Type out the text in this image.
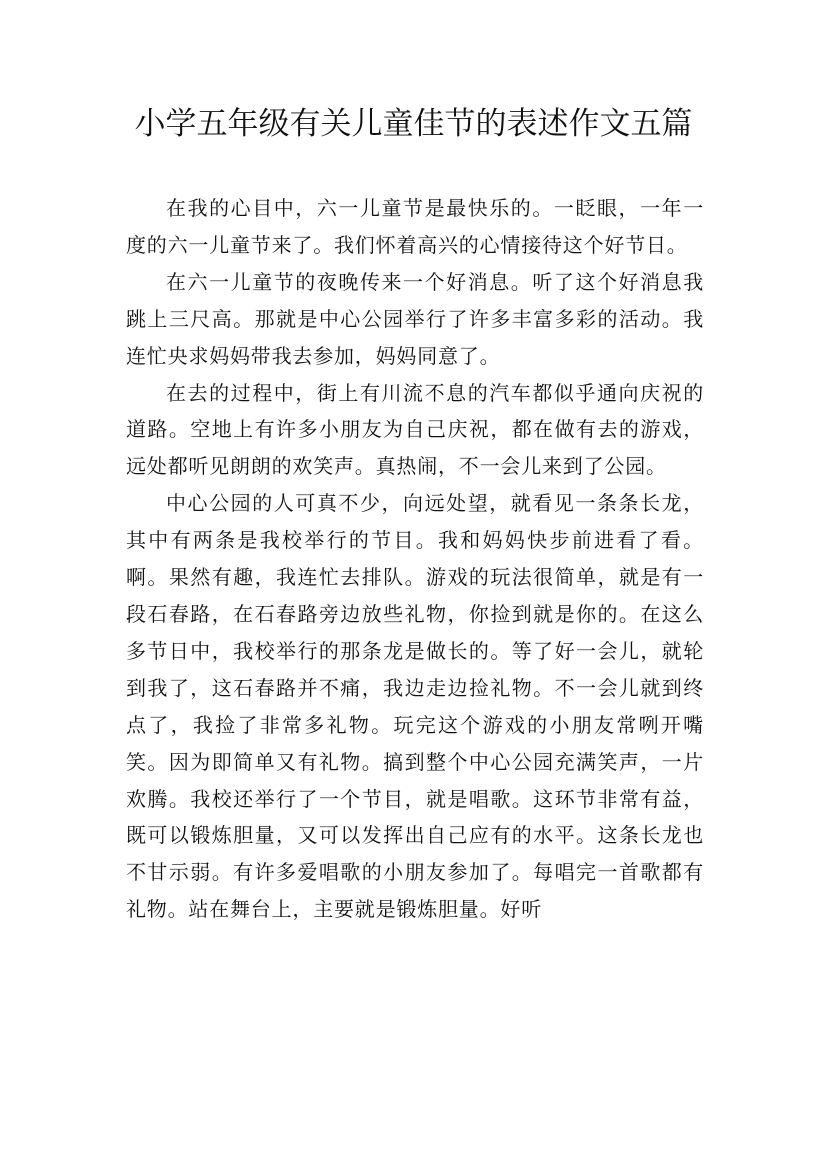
小学五年级有关儿童佳节的表述作文五篇

在我的心目中，六一儿童节是最快乐的。一眨眼，一年一度的六一儿童节来了。我们怀着高兴的心情接待这个好节日。

在六一儿童节的夜晚传来一个好消息。听了这个好消息我跳上三尺高。那就是中心公园举行了许多丰富多彩的活动。我连忙央求妈妈带我去参加，妈妈同意了。

在去的过程中，街上有川流不息的汽车都似乎通向庆祝的道路。空地上有许多小朋友为自己庆祝，都在做有去的游戏，远处都听见朗朗的欢笑声。真热闹，不一会儿来到了公园。

中心公园的人可真不少，向远处望，就看见一条条长龙，其中有两条是我校举行的节目。我和妈妈快步前进看了看。啊。果然有趣，我连忙去排队。游戏的玩法很简单，就是有一段石春路，在石春路旁边放些礼物，你捡到就是你的。在这么多节日中，我校举行的那条龙是做长的。等了好一会儿，就轮到我了，这石春路并不痛，我边走边捡礼物。不一会儿就到终点了，我捡了非常多礼物。玩完这个游戏的小朋友常咧开嘴笑。因为即简单又有礼物。搞到整个中心公园充满笑声，一片欢腾。我校还举行了一个节目，就是唱歌。这环节非常有益，既可以锻炼胆量，又可以发挥出自己应有的水平。这条长龙也不甘示弱。有许多爱唱歌的小朋友参加了。每唱完一首歌都有礼物。站在舞台上，主要就是锻炼胆量。好听
